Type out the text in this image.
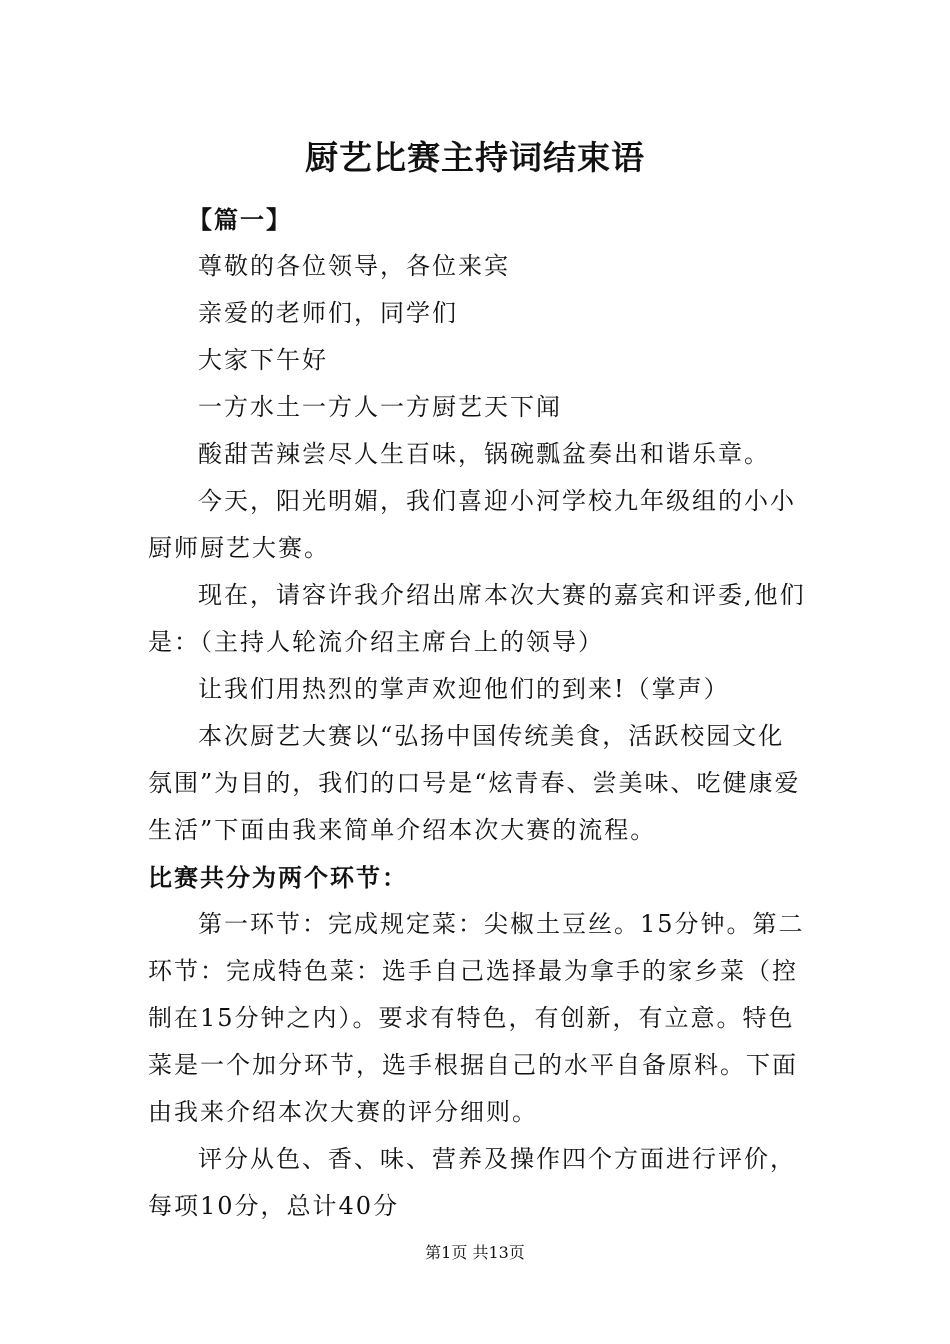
厨艺比赛主持词结束语

【篇一】

尊敬的各位领导，各位来宾

亲爱的老师们，同学们

大家下午好

一方水土一方人一方厨艺天下闻

酸甜苦辣尝尽人生百味，锅碗瓢盆奏出和谐乐章。

今天，阳光明媚，我们喜迎小河学校九年级组的小小厨师厨艺大赛。

现在，请容许我介绍出席本次大赛的嘉宾和评委,他们是：（主持人轮流介绍主席台上的领导）

让我们用热烈的掌声欢迎他们的到来!（掌声）

本次厨艺大赛以“弘扬中国传统美食，活跃校园文化氛围”为目的，我们的口号是“炫青春、尝美味、吃健康爱生活”下面由我来简单介绍本次大赛的流程。

比赛共分为两个环节：

第一环节：完成规定菜：尖椒土豆丝。15分钟。第二环节：完成特色菜：选手自己选择最为拿手的家乡菜（控制在15分钟之内）。要求有特色，有创新，有立意。特色菜是一个加分环节，选手根据自己的水平自备原料。下面由我来介绍本次大赛的评分细则。

评分从色、香、味、营养及操作四个方面进行评价，每项10分，总计40分

第1页 共13页
